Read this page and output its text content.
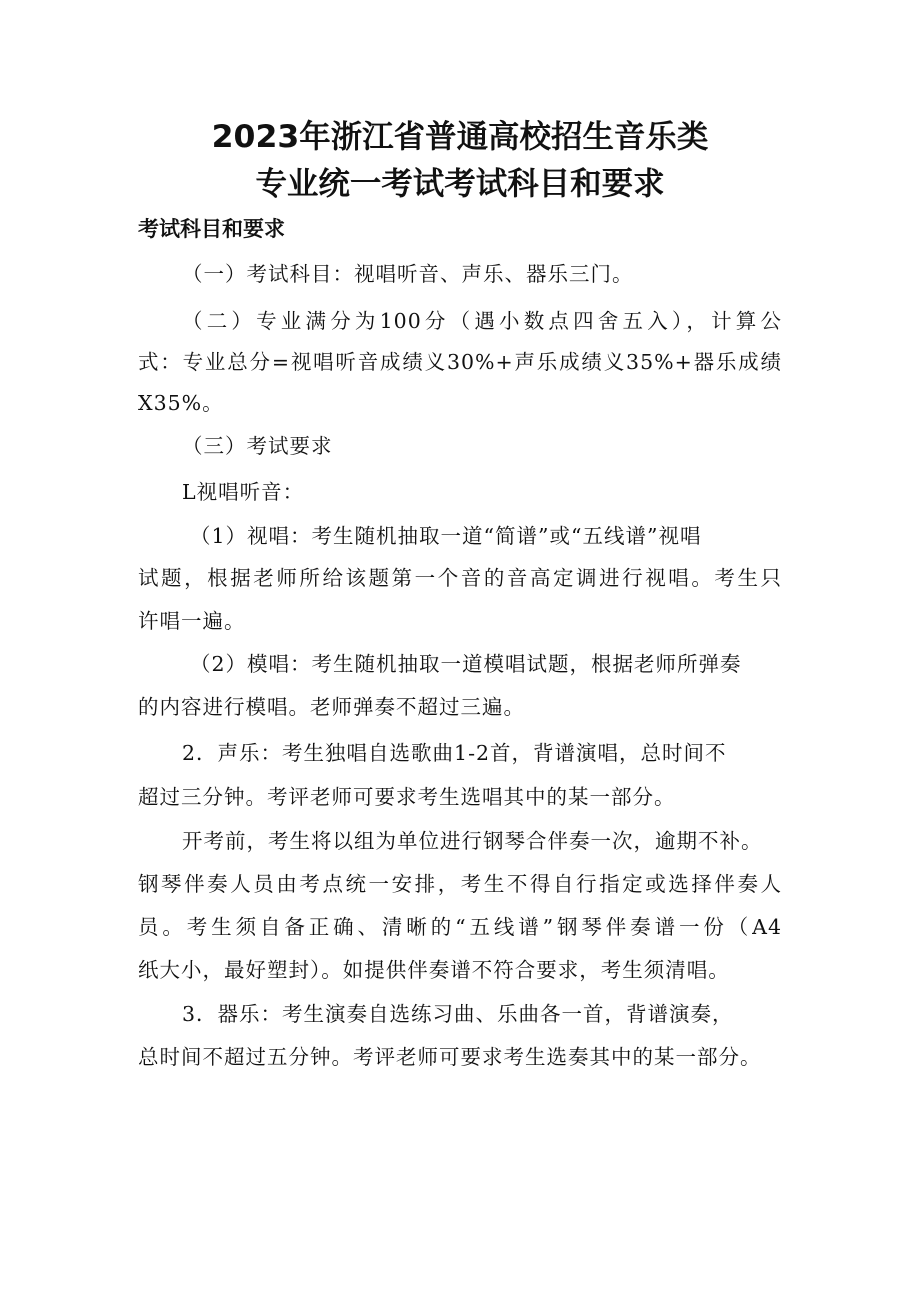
2023年浙江省普通高校招生音乐类
专业统一考试考试科目和要求
考试科目和要求
（一）考试科目：视唱听音、声乐、器乐三门。
（二）专业满分为100分（遇小数点四舍五入），计算公
式：专业总分=视唱听音成绩义30%+声乐成绩义35%+器乐成绩
X35%。
（三）考试要求
L视唱听音：
（1）视唱：考生随机抽取一道“简谱”或“五线谱”视唱
试题，根据老师所给该题第一个音的音高定调进行视唱。考生只
许唱一遍。
（2）模唱：考生随机抽取一道模唱试题，根据老师所弹奏
的内容进行模唱。老师弹奏不超过三遍。
2．声乐：考生独唱自选歌曲1-2首，背谱演唱，总时间不
超过三分钟。考评老师可要求考生选唱其中的某一部分。
开考前，考生将以组为单位进行钢琴合伴奏一次，逾期不补。
钢琴伴奏人员由考点统一安排，考生不得自行指定或选择伴奏人
员。考生须自备正确、清晰的“五线谱”钢琴伴奏谱一份（A4
纸大小，最好塑封）。如提供伴奏谱不符合要求，考生须清唱。
3．器乐：考生演奏自选练习曲、乐曲各一首，背谱演奏，
总时间不超过五分钟。考评老师可要求考生选奏其中的某一部分。
